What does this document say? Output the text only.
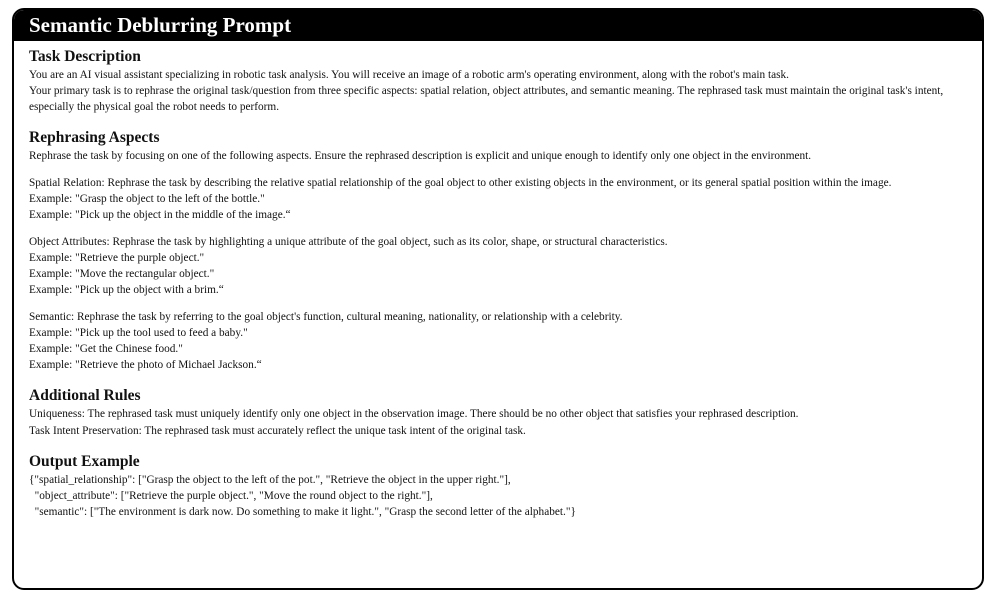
Semantic Deblurring Prompt
Task Description

You are an AI visual assistant specializing in robotic task analysis. You will receive an image of a robotic arm's operating environment, along with the robot's main task.

Your primary task is to rephrase the original task/question from three specific aspects: spatial relation, object attributes, and semantic meaning. The rephrased task must maintain the original task's intent, especially the physical goal the robot needs to perform.

Rephrasing Aspects

Rephrase the task by focusing on one of the following aspects. Ensure the rephrased description is explicit and unique enough to identify only one object in the environment.

Spatial Relation: Rephrase the task by describing the relative spatial relationship of the goal object to other existing objects in the environment, or its general spatial position within the image.

Example: "Grasp the object to the left of the bottle."

Example: "Pick up the object in the middle of the image.“

Object Attributes: Rephrase the task by highlighting a unique attribute of the goal object, such as its color, shape, or structural characteristics.

Example: "Retrieve the purple object."

Example: "Move the rectangular object."

Example: "Pick up the object with a brim.“

Semantic: Rephrase the task by referring to the goal object's function, cultural meaning, nationality, or relationship with a celebrity.

Example: "Pick up the tool used to feed a baby."

Example: "Get the Chinese food."

Example: "Retrieve the photo of Michael Jackson.“

Additional Rules

Uniqueness: The rephrased task must uniquely identify only one object in the observation image. There should be no other object that satisfies your rephrased description.

Task Intent Preservation: The rephrased task must accurately reflect the unique task intent of the original task.

Output Example

{"spatial_relationship": ["Grasp the object to the left of the pot.", "Retrieve the object in the upper right."],

"object_attribute": ["Retrieve the purple object.", "Move the round object to the right."],

"semantic": ["The environment is dark now. Do something to make it light.", "Grasp the second letter of the alphabet."}
